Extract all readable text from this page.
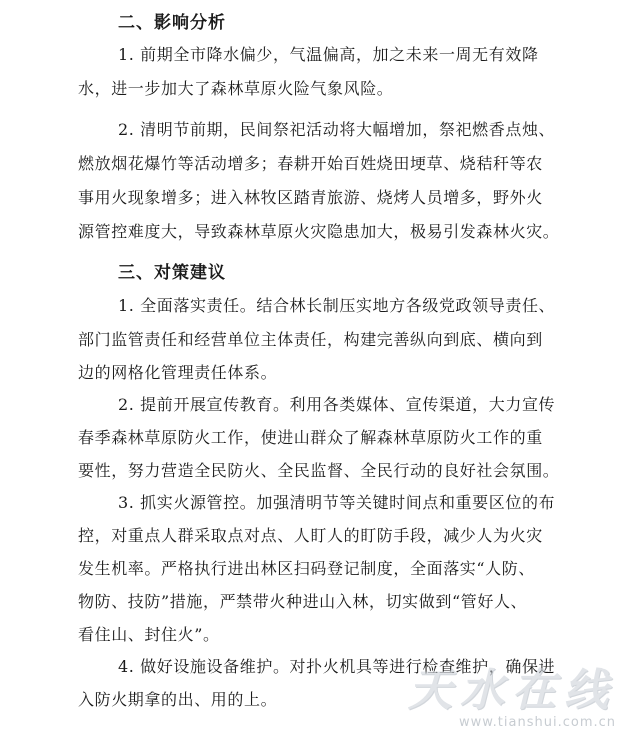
二、影响分析
1. 前期全市降水偏少，气温偏高，加之未来一周无有效降
水，进一步加大了森林草原火险气象风险。
2. 清明节前期，民间祭祀活动将大幅增加，祭祀燃香点烛、
燃放烟花爆竹等活动增多；春耕开始百姓烧田埂草、烧秸秆等农
事用火现象增多；进入林牧区踏青旅游、烧烤人员增多，野外火
源管控难度大，导致森林草原火灾隐患加大，极易引发森林火灾。
三、对策建议
1. 全面落实责任。结合林长制压实地方各级党政领导责任、
部门监管责任和经营单位主体责任，构建完善纵向到底、横向到
边的网格化管理责任体系。
2. 提前开展宣传教育。利用各类媒体、宣传渠道，大力宣传
春季森林草原防火工作，使进山群众了解森林草原防火工作的重
要性，努力营造全民防火、全民监督、全民行动的良好社会氛围。
3. 抓实火源管控。加强清明节等关键时间点和重要区位的布
控，对重点人群采取点对点、人盯人的盯防手段，减少人为火灾
发生机率。严格执行进出林区扫码登记制度，全面落实“人防、
物防、技防”措施，严禁带火种进山入林，切实做到“管好人、
看住山、封住火”。
4. 做好设施设备维护。对扑火机具等进行检查维护，确保进
入防火期拿的出、用的上。	天水在线
www.tianshui.com.cn
